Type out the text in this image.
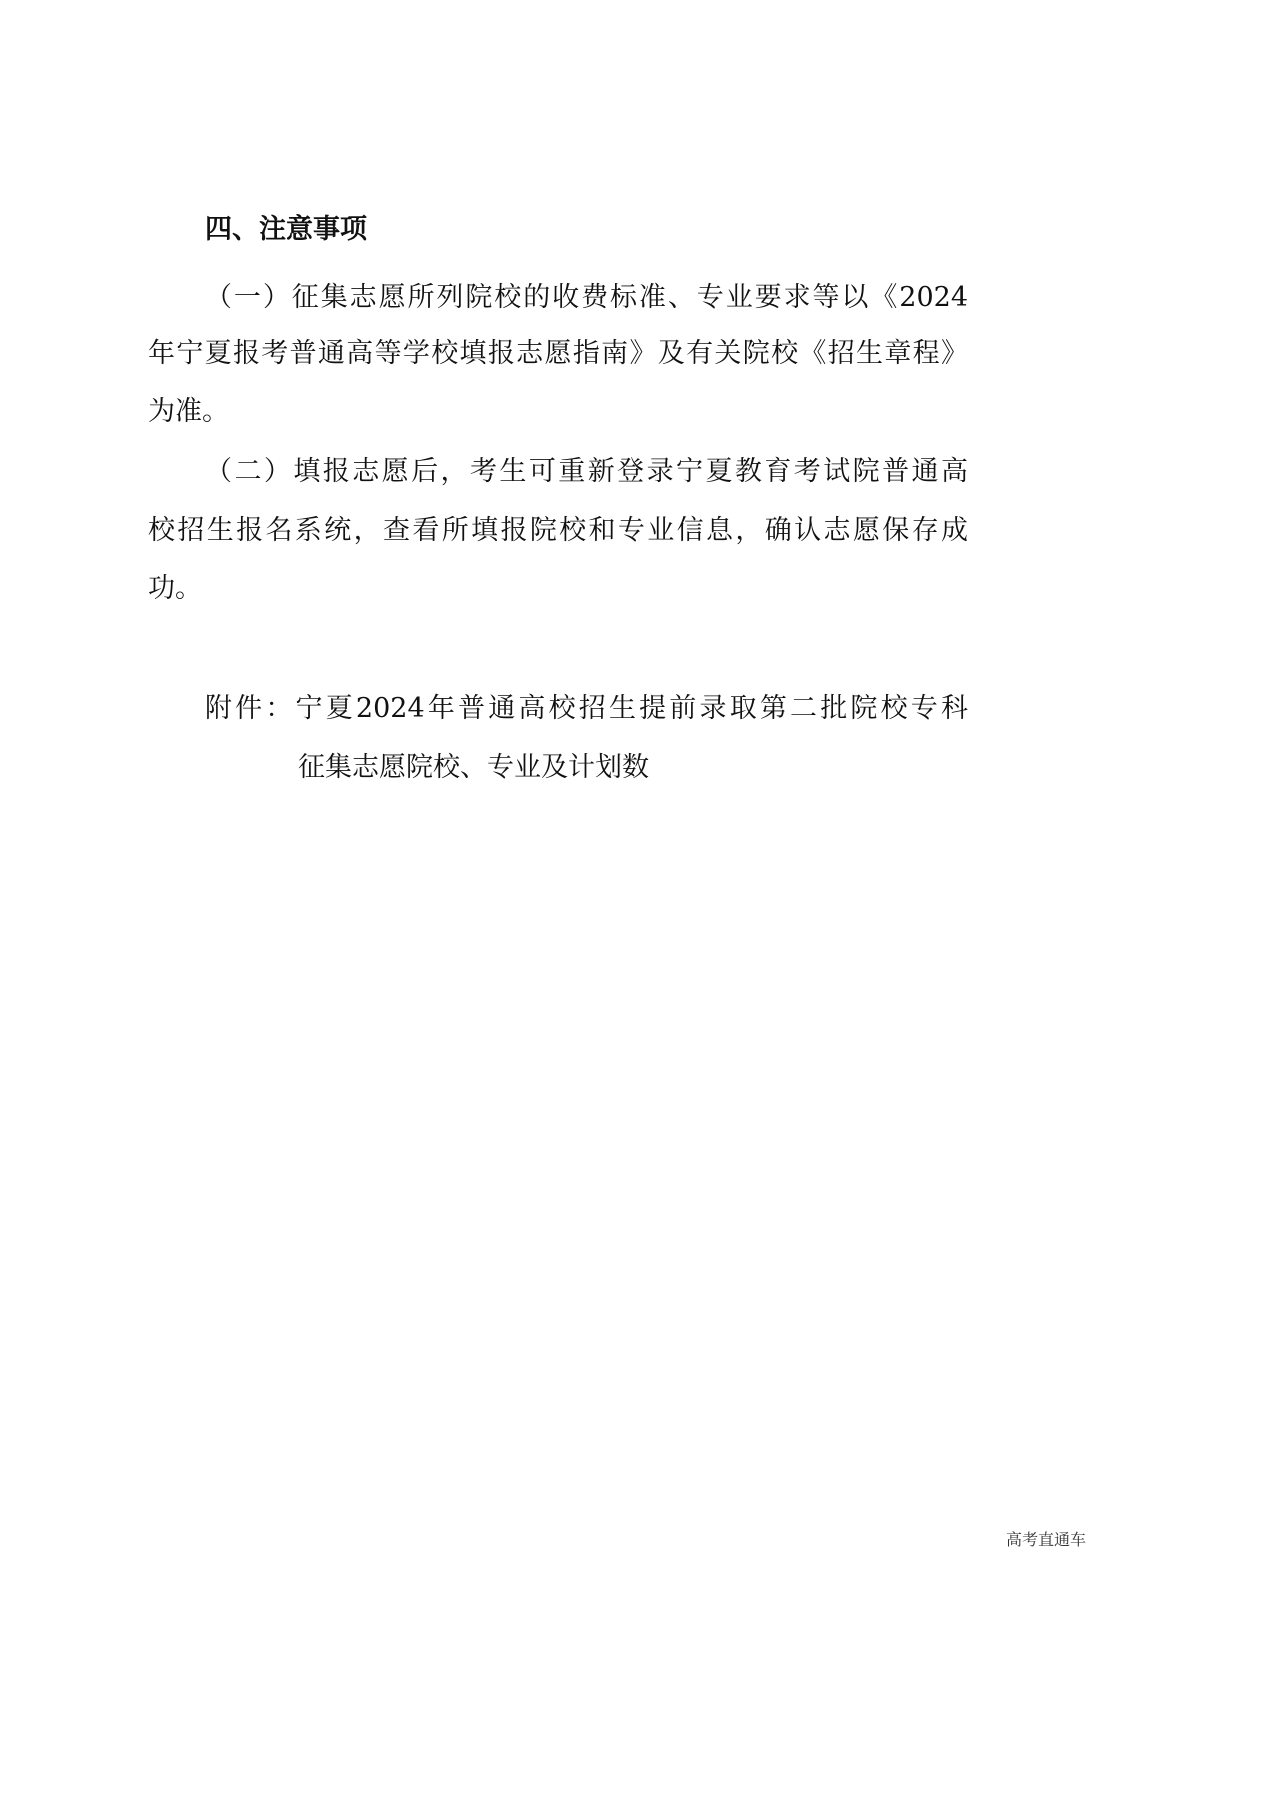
四、注意事项
（一）征集志愿所列院校的收费标准、专业要求等以《2024
年宁夏报考普通高等学校填报志愿指南》及有关院校《招生章程》
为准。
（二）填报志愿后，考生可重新登录宁夏教育考试院普通高
校招生报名系统，查看所填报院校和专业信息，确认志愿保存成
功。
附件：宁夏2024年普通高校招生提前录取第二批院校专科
征集志愿院校、专业及计划数
高考直通车
